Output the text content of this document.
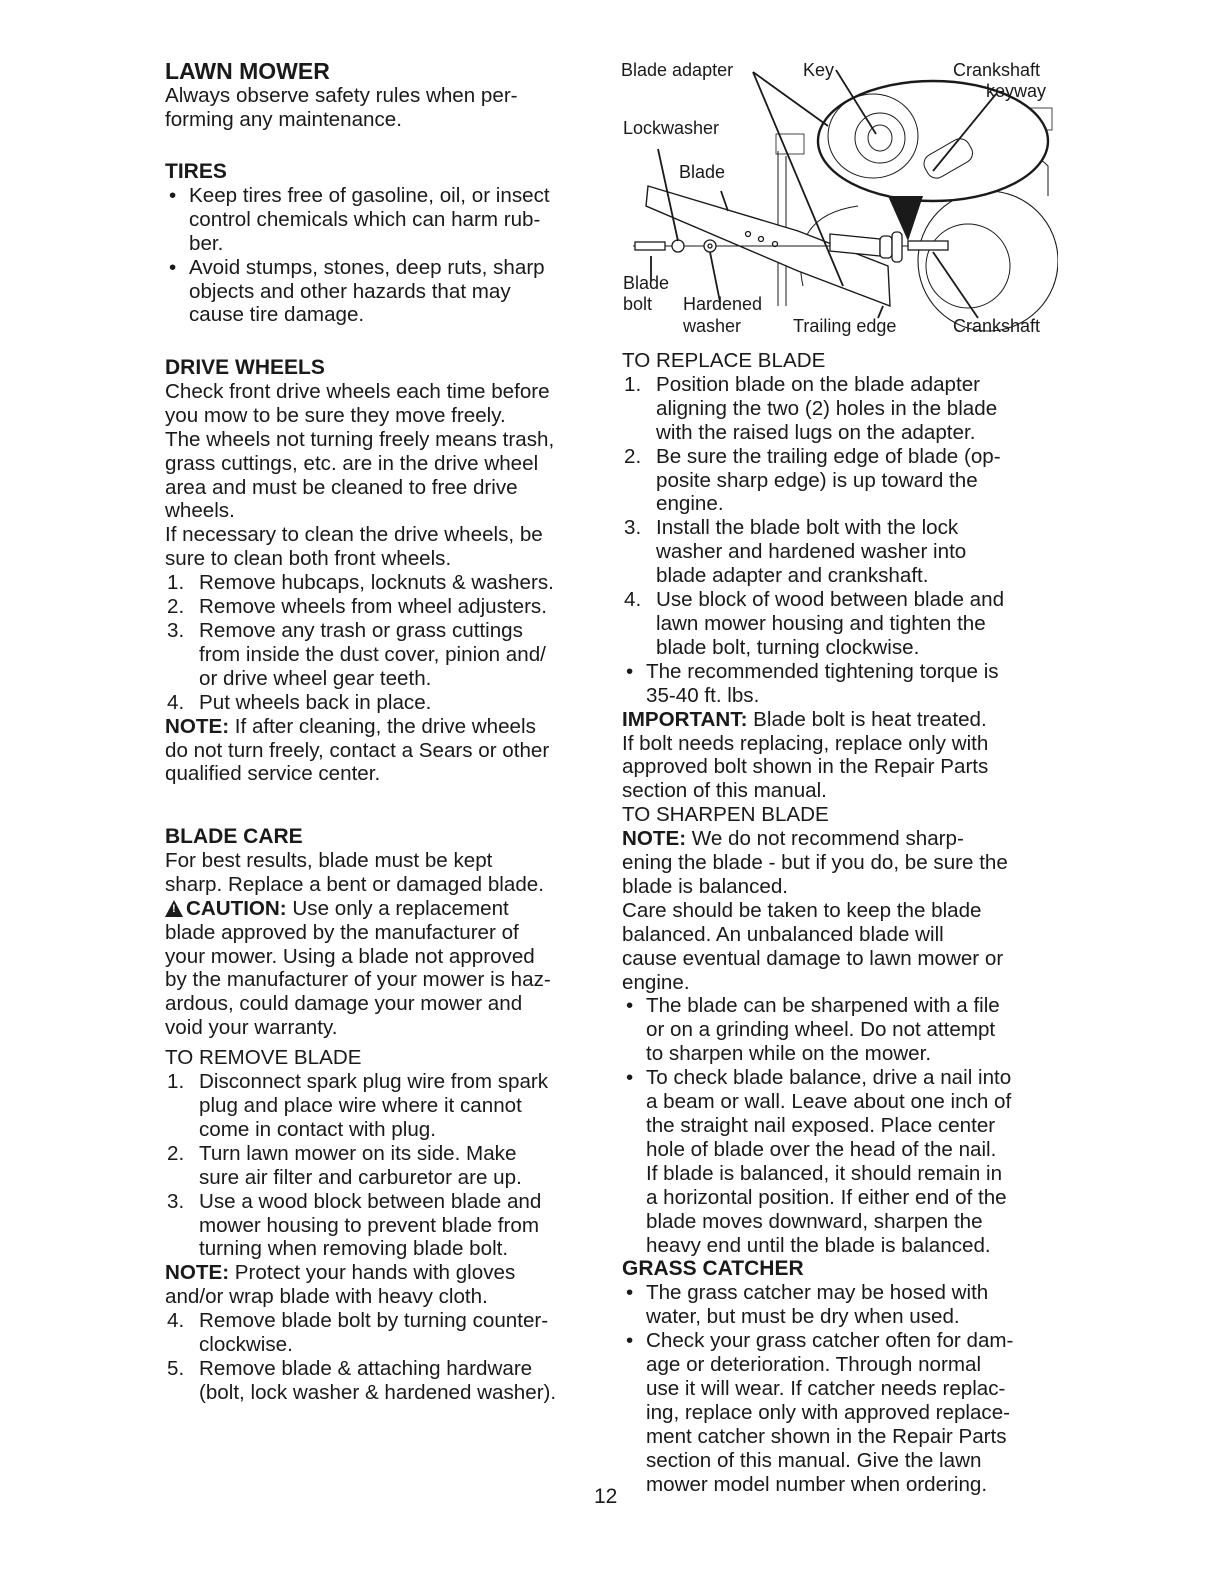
LAWN MOWER
Always observe safety rules when per-
forming any maintenance.
TIRES
• Keep tires free of gasoline, oil, or insect
control chemicals which can harm rub-
ber.
• Avoid stumps, stones, deep ruts, sharp
objects and other hazards that may
cause tire damage.
DRIVE WHEELS
Check front drive wheels each time before
you mow to be sure they move freely.
The wheels not turning freely means trash,
grass cuttings, etc. are in the drive wheel
area and must be cleaned to free drive
wheels.
If necessary to clean the drive wheels, be
sure to clean both front wheels.
1. Remove hubcaps, locknuts & washers.
2. Remove wheels from wheel adjusters.
3. Remove any trash or grass cuttings
from inside the dust cover, pinion and/
or drive wheel gear teeth.
4. Put wheels back in place.
NOTE: If after cleaning, the drive wheels
do not turn freely, contact a Sears or other
qualified service center.
BLADE CARE
For best results, blade must be kept
sharp. Replace a bent or damaged blade.
!CAUTION: Use only a replacement
blade approved by the manufacturer of
your mower. Using a blade not approved
by the manufacturer of your mower is haz-
ardous, could damage your mower and
void your warranty.
TO REMOVE BLADE
1. Disconnect spark plug wire from spark
plug and place wire where it cannot
come in contact with plug.
2. Turn lawn mower on its side. Make
sure air filter and carburetor are up.
3. Use a wood block between blade and
mower housing to prevent blade from
turning when removing blade bolt.
NOTE: Protect your hands with gloves
and/or wrap blade with heavy cloth.
4. Remove blade bolt by turning counter-
clockwise.
5. Remove blade & attaching hardware
(bolt, lock washer & hardened washer).
TO REPLACE BLADE
1. Position blade on the blade adapter
aligning the two (2) holes in the blade
with the raised lugs on the adapter.
2. Be sure the trailing edge of blade (op-
posite sharp edge) is up toward the
engine.
3. Install the blade bolt with the lock
washer and hardened washer into
blade adapter and crankshaft.
4. Use block of wood between blade and
lawn mower housing and tighten the
blade bolt, turning clockwise.
• The recommended tightening torque is
35-40 ft. lbs.
IMPORTANT: Blade bolt is heat treated.
If bolt needs replacing, replace only with
approved bolt shown in the Repair Parts
section of this manual.
TO SHARPEN BLADE
NOTE: We do not recommend sharp-
ening the blade - but if you do, be sure the
blade is balanced.
Care should be taken to keep the blade
balanced. An unbalanced blade will
cause eventual damage to lawn mower or
engine.
• The blade can be sharpened with a file
or on a grinding wheel. Do not attempt
to sharpen while on the mower.
• To check blade balance, drive a nail into
a beam or wall. Leave about one inch of
the straight nail exposed. Place center
hole of blade over the head of the nail.
If blade is balanced, it should remain in
a horizontal position. If either end of the
blade moves downward, sharpen the
heavy end until the blade is balanced.
GRASS CATCHER
• The grass catcher may be hosed with
water, but must be dry when used.
• Check your grass catcher often for dam-
age or deterioration. Through normal
use it will wear. If catcher needs replac-
ing, replace only with approved replace-
ment catcher shown in the Repair Parts
section of this manual. Give the lawn
mower model number when ordering.
Blade adapter	Key	Crankshaft
keyway
Lockwasher
Blade
Blade
bolt Hardened
washer	Trailing edge	Crankshaft
12
